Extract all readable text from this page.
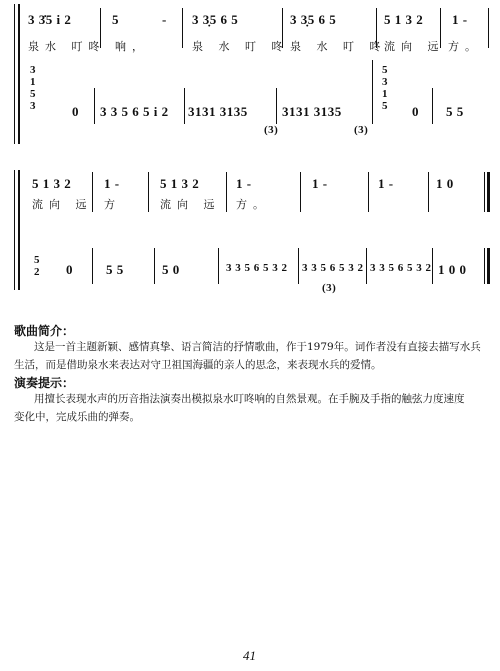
3 3̇5 i 2	5	- 3 3̣5 6 5	3 3̣5 6 5	5 1 3 2 1 -
泉水 叮咚 响，	泉 水 叮 咚 泉 水 叮 咚
流向 远 方。
3 1 5 3	0 3 3 5 6 5 i 2 3131 3135	3131 3135
5 3 1 5 0 5 5
(3)	(3)
5 1 3 2	1 -	5 1 3 2	1 -	1 -	1 -	1 0
流向 远 方	流向 远 方。
5 2 0	5 5	5 0	3 3 5 6 5 3 2 3 3 5 6 5 3 2 3 3 5 6 5 3 2 1 0 0
(3)
歌曲简介：
这是一首主题新颖、感情真挚、语言简洁的抒情歌曲，作于1979年。词作者没有直接去描写水兵
生活，而是借助泉水来表达对守卫祖国海疆的亲人的思念，来表现水兵的爱情。
演奏提示：
用擅长表现水声的历音指法演奏出模拟泉水叮咚响的自然景观。在手腕及手指的触弦力度速度
变化中，完成乐曲的弹奏。
41
